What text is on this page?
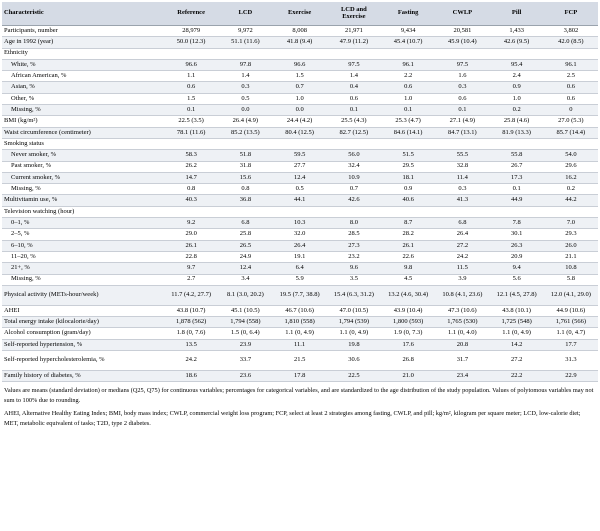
Characteristic	Reference	LCD	Exercise	LCD and Exercise	Fasting	CWLP	Pill	FCP
Participants, number	28,979	9,972	8,008	21,971	9,434	20,581	1,433	3,802
Age in 1992 (year)	50.0 (12.3)	51.1 (11.6)	41.8 (9.4)	47.9 (11.2)	45.4 (10.7)	45.9 (10.4)	42.6 (9.5)	42.0 (8.5)
Ethnicity								
White, %	96.6	97.8	96.6	97.5	96.1	97.5	95.4	96.1
African American, %	1.1	1.4	1.5	1.4	2.2	1.6	2.4	2.5
Asian, %	0.6	0.3	0.7	0.4	0.6	0.3	0.9	0.6
Other, %	1.5	0.5	1.0	0.6	1.0	0.6	1.0	0.6
Missing, %	0.1	0.0	0.0	0.1	0.1	0.1	0.2	0
BMI (kg/m²)	22.5 (3.5)	26.4 (4.9)	24.4 (4.2)	25.5 (4.3)	25.3 (4.7)	27.1 (4.9)	25.8 (4.6)	27.0 (5.3)
Waist circumference (centimeter)	78.1 (11.6)	85.2 (13.5)	80.4 (12.5)	82.7 (12.5)	84.6 (14.1)	84.7 (13.1)	81.9 (13.3)	85.7 (14.4)
Smoking status								
Never smoker, %	58.3	51.8	59.5	56.0	51.5	55.5	55.8	54.0
Past smoker, %	26.2	31.8	27.7	32.4	29.5	32.8	26.7	29.6
Current smoker, %	14.7	15.6	12.4	10.9	18.1	11.4	17.3	16.2
Missing, %	0.8	0.8	0.5	0.7	0.9	0.3	0.1	0.2
Multivitamin use, %	40.3	36.8	44.1	42.6	40.6	41.3	44.9	44.2
Television watching (hour)								
0–1, %	9.2	6.8	10.3	8.0	8.7	6.8	7.8	7.0
2–5, %	29.0	25.8	32.0	28.5	28.2	26.4	30.1	29.3
6–10, %	26.1	26.5	26.4	27.3	26.1	27.2	26.3	26.0
11–20, %	22.8	24.9	19.1	23.2	22.6	24.2	20.9	21.1
21+, %	9.7	12.4	6.4	9.6	9.8	11.5	9.4	10.8
Missing, %	2.7	3.4	5.9	3.5	4.5	3.9	5.6	5.8
Physical activity (METs-hour/week)	11.7 (4.2, 27.7)	8.1 (3.0, 20.2)	19.5 (7.7, 38.8)	15.4 (6.3, 31.2)	13.2 (4.6, 30.4)	10.8 (4.1, 23.6)	12.1 (4.5, 27.8)	12.0 (4.1, 29.0)
AHEI	43.8 (10.7)	45.1 (10.5)	46.7 (10.6)	47.0 (10.5)	43.9 (10.4)	47.3 (10.6)	43.8 (10.1)	44.9 (10.6)
Total energy intake (kilocalorie/day)	1,878 (562)	1,794 (558)	1,810 (558)	1,794 (539)	1,800 (593)	1,765 (530)	1,725 (548)	1,761 (566)
Alcohol consumption (gram/day)	1.8 (0, 7.6)	1.5 (0, 6.4)	1.1 (0, 4.9)	1.1 (0, 4.9)	1.9 (0, 7.3)	1.1 (0, 4.0)	1.1 (0, 4.9)	1.1 (0, 4.7)
Self-reported hypertension, %	13.5	23.9	11.1	19.8	17.6	20.8	14.2	17.7
Self-reported hypercholesterolemia, %	24.2	33.7	21.5	30.6	26.8	31.7	27.2	31.3
Family history of diabetes, %	18.6	23.6	17.8	22.5	21.0	23.4	22.2	22.9

Values are means (standard deviation) or medians (Q25, Q75) for continuous variables; percentages for categorical variables, and are standardized to the age distribution of the study population. Values of polytomous variables may not sum to 100% due to rounding.

AHEI, Alternative Healthy Eating Index; BMI, body mass index; CWLP, commercial weight loss program; FCP, select at least 2 strategies among fasting, CWLP, and pill; kg/m², kilogram per square meter; LCD, low-calorie diet; MET, metabolic equivalent of tasks; T2D, type 2 diabetes.
